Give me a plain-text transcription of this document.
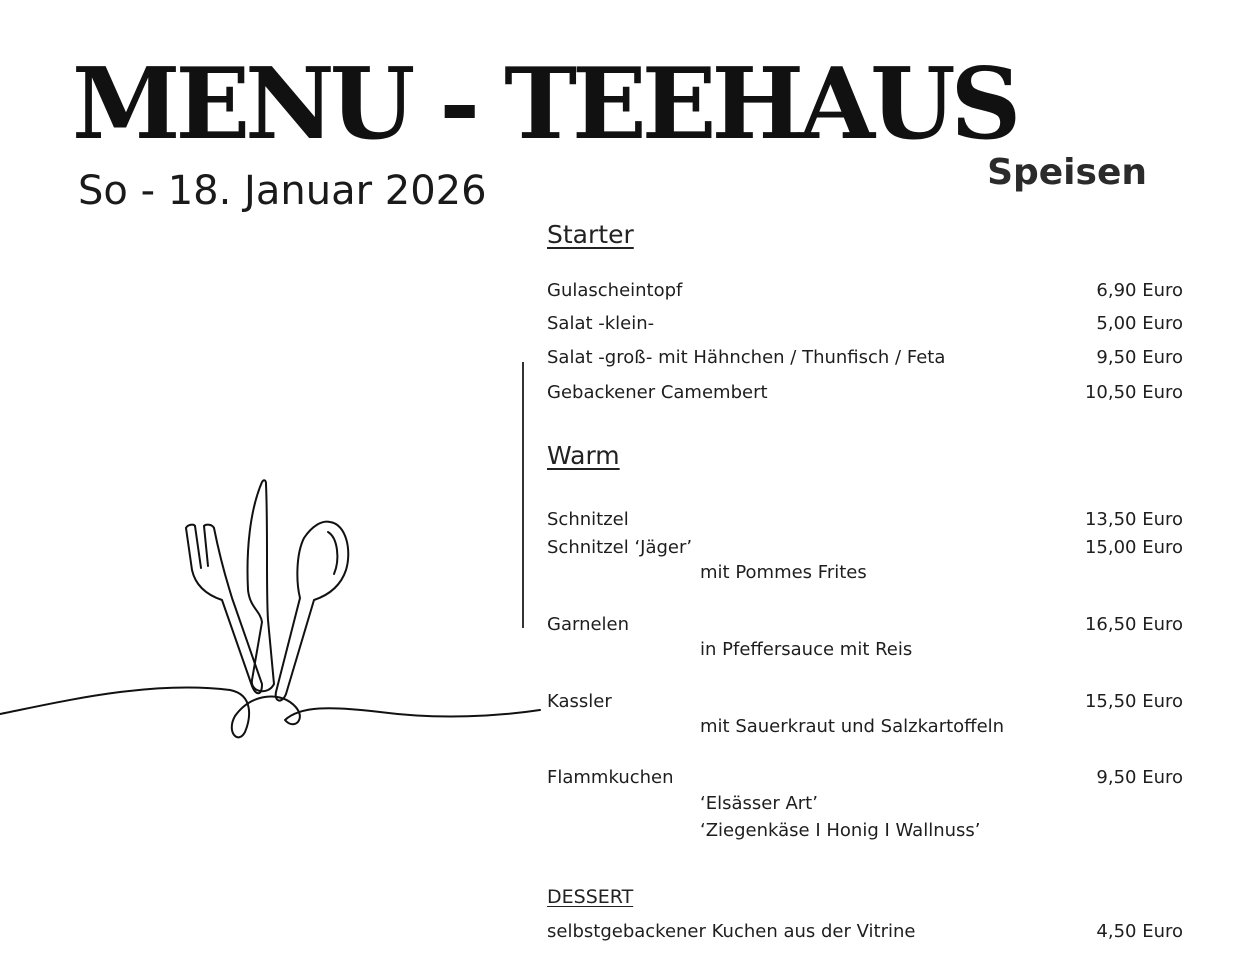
MENU - TEEHAUS
Speisen
So - 18. Januar 2026
Starter
Gulascheintopf	6,90 Euro
Salat -klein-	5,00 Euro
Salat -groß- mit Hähnchen / Thunfisch / Feta	9,50 Euro
Gebackener Camembert	10,50 Euro
Warm
Schnitzel	13,50 Euro
Schnitzel ‘Jäger’	15,00 Euro
mit Pommes Frites
Garnelen	16,50 Euro
in Pfeffersauce mit Reis
Kassler	15,50 Euro
mit Sauerkraut und Salzkartoffeln
Flammkuchen	9,50 Euro
‘Elsässer Art’
‘Ziegenkäse I Honig I Wallnuss’
DESSERT
selbstgebackener Kuchen aus der Vitrine	4,50 Euro
